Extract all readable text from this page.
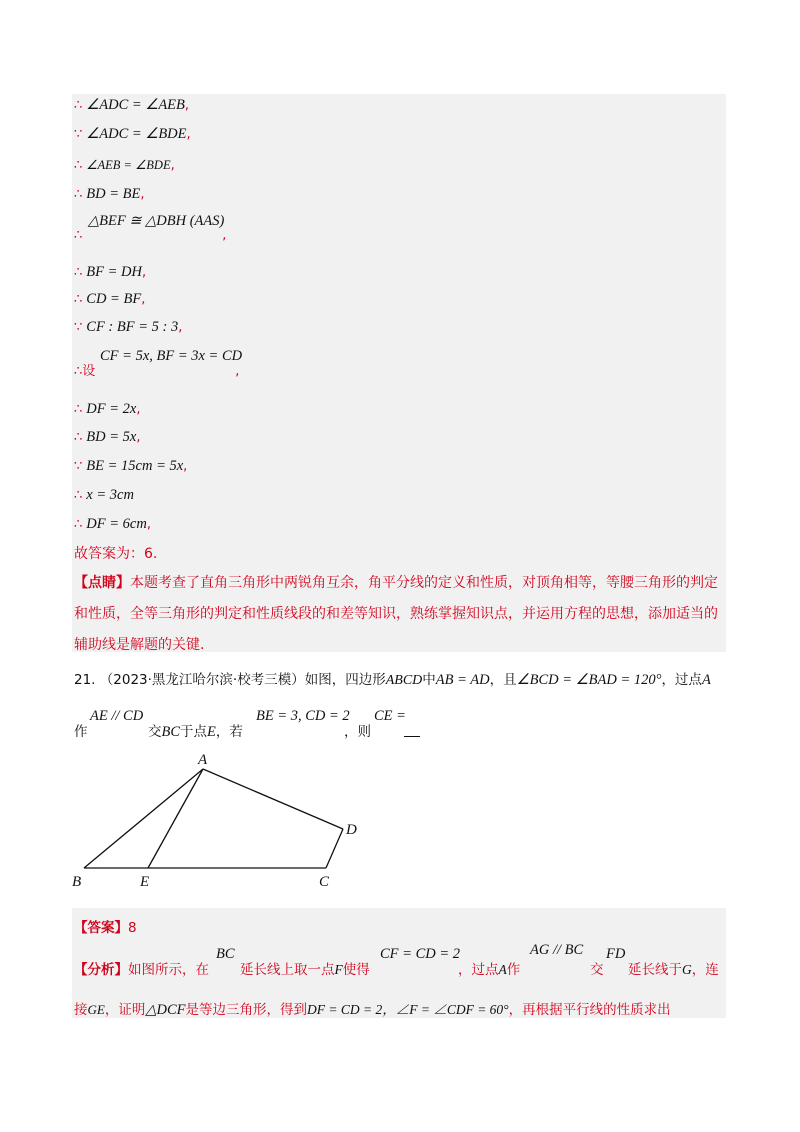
∴ ∠ADC = ∠AEB,
∵ ∠ADC = ∠BDE,
∴ ∠AEB = ∠BDE,
∴ BD = BE,
△BEF ≅ △DBH (AAS)
∴	,
∴ BF = DH,
∴ CD = BF,
∵ CF : BF = 5 : 3,
CF = 5x, BF = 3x = CD
∴设	,
∴ DF = 2x,
∴ BD = 5x,
∵ BE = 15cm = 5x,
∴ x = 3cm
∴ DF = 6cm,
故答案为：6.
【点睛】本题考查了直角三角形中两锐角互余，角平分线的定义和性质，对顶角相等，等腰三角形的判定和性质，全等三角形的判定和性质线段的和差等知识，熟练掌握知识点，并运用方程的思想，添加适当的辅助线是解题的关键.
21. （2023·黑龙江哈尔滨·校考三模）如图，四边形ABCD中AB = AD，且∠BCD = ∠BAD = 120°，过点A
作
AE // CD
交BC于点E，若
BE = 3, CD = 2
，则
CE =
A
B	E	C
D
【答案】8
【分析】如图所示，在
BC
延长线上取一点F使得
CF = CD = 2
，过点A作
AG // BC
交
FD
延长线于G，连
接GE，证明△DCF是等边三角形，得到DF = CD = 2，∠F = ∠CDF = 60°，再根据平行线的性质求出
